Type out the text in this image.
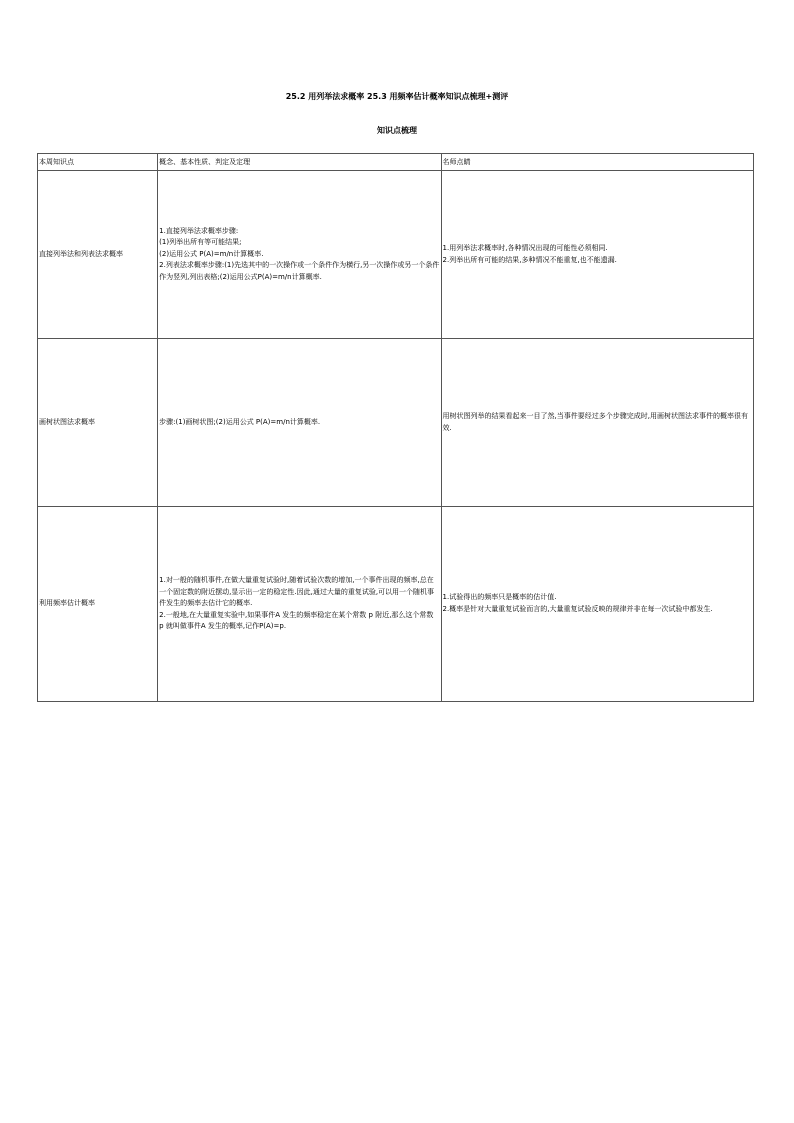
25.2 用列举法求概率 25.3 用频率估计概率知识点梳理+测评
知识点梳理
本周知识点	概念、基本性质、判定及定理	名师点睛
直接列举法和列表法求概率	1.直接列举法求概率步骤:
(1)列举出所有等可能结果;
(2)运用公式 P(A)=m/n计算概率.
2.列表法求概率步骤:(1)先选其中的一次操作或一个条件作为横行,另一次操作或另一个条件作为竖列,列出表格;(2)运用公式P(A)=m/n计算概率.	1.用列举法求概率时,各种情况出现的可能性必须相同.
2.列举出所有可能的结果,多种情况不能重复,也不能遗漏.
画树状图法求概率	步骤:(1)画树状图;(2)运用公式 P(A)=m/n计算概率.	用树状图列举的结果看起来一目了然,当事件要经过多个步骤完成时,用画树状图法求事件的概率很有效.
利用频率估计概率	1.对一般的随机事件,在做大量重复试验时,随着试验次数的增加,一个事件出现的频率,总在一个固定数的附近摆动,显示出一定的稳定性.因此,通过大量的重复试验,可以用一个随机事件发生的频率去估计它的概率.
2.一般地,在大量重复实验中,如果事件A 发生的频率稳定在某个常数 p 附近,那么这个常数 p 就叫做事件A 发生的概率,记作P(A)=p.	1.试验得出的频率只是概率的估计值.
2.概率是针对大量重复试验而言的,大量重复试验反映的规律并非在每一次试验中都发生.
